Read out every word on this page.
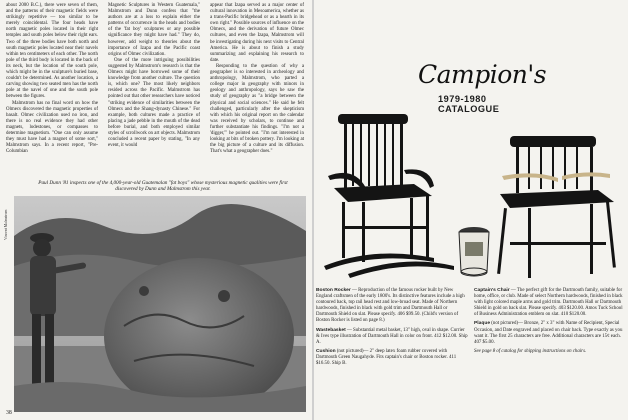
about 2000 B.C.), there were seven of them, and the patterns of their magnetic fields were strikingly repetitive — too similar to be merely coincidental. The four heads have north magnetic poles located in their right temples and south poles below their right ears. Two of the three bodies have both north and south magnetic poles located near their navels within ten centimeters of each other. The north pole of the third body is located in the back of its neck, but the location of the south pole, which might be in the sculpture's buried base, couldn't be determined. As another location, a carving showing two seated men has the north pole at the navel of one and the south pole between the figures.

Malmstrom has no final word on how the Olmecs discovered the magnetic properties of basalt. Olmec civilization used no iron, and there is no real evidence they had other magnets, lodestones, or compasses to determine magnetism. "One can only assume they must have had a magnet of some sort," Malmstrom says. In a recent report, "Pre-Columbian

Magnetic Sculptures in Western Guatemala," Malmstrom and Dunn confess that "the authors are at a loss to explain either the patterns of occurrence in the heads and bodies of the 'fat boy' sculptures or any possible significance they might have had." They do, however, add weight to theories about the importance of Izapa and the Pacific coast origins of Olmec civilization.

One of the more intriguing possibilities suggested by Malmstrom's research is that the Olmecs might have borrowed some of their knowledge from another culture. The question is, which one? The most likely neighbors resided across the Pacific. Malmstrom has pointed out that other researchers have noticed "striking evidence of similarities between the Olmecs and the Shang-dynasty Chinese." For example, both cultures made a practice of placing a jade pebble in the mouth of the dead before burial, and both employed similar styles of scrollwork on art objects. Malmstrom concluded a recent paper by stating, "In any event, it would

appear that Izapa served as a major center of cultural innovation in Mesoamerica, whether as a trans-Pacific bridgehead or as a hearth in its own right." Possible sources of influence on the Olmecs, and the derivation of future Olmec cultures, and even the Izapa, Malmstrom will be investigating during his next visits to Central America. He is about to finish a study summarizing and explaining his research to date.

Responding to the question of why a geographer is so interested in archeology and anthropology, Malmstrom, who parted a college major in geography with minors in geology and anthropology, says he saw the study of geography as "a bridge between the physical and social sciences." He said he felt challenged, particularly after the skepticism with which his original report on the calendar was received by scholars, to continue and further substantiate his findings. "I'm not a 'digger,'" he pointed out. "I'm not interested in looking at bits of broken pottery. I'm looking at the big picture of a culture and its diffusion. That's what a geographer does."

Paul Dunn '81 inspects one of the 4,000-year-old Guatemalan "fat boys" whose mysterious magnetic qualities were first discovered by Dunn and Malmstrom this year.
Vincent Malmstrom
38
Campion's
1979-1980
CATALOGUE

Boston Rocker — Reproduction of the famous rocker built by New England craftsmen of the early 1800's. Its distinctive features include a high contoured back, top rail head rest and low-broad seat. Made of Northern hardwoods, finished in black with gold trim and Dartmouth Hall or Dartmouth Shield on slat. Please specify. 406 $99.50. (Child's version of Boston Rocker is listed on page 8.)

Wastebasket — Substantial metal basket, 13" high, oval in shape. Currier & Ives type illustration of Dartmouth Hall in color on front. 412 $12.00. Ship A.

Cushion (not pictured)— 2" deep latex foam rubber covered with Dartmouth Green Naugahyde. Fits captain's chair or Boston rocker. 411 $16.50. Ship B.

Captain's Chair — The perfect gift for the Dartmouth family, suitable for home, office, or club. Made of select Northern hardwoods, finished in black with light colored maple arms and gold trim. Dartmouth Hall or Dartmouth Shield in gold on back slat. Please specify. 403 $120.00. Amos Tuck School of Business Administration emblem on slat. 410 $120.00.

Plaque (not pictured)— Bronze, 2" x 3" with Name of Recipient, Special Occasion, and Date engraved and placed on chair back. Type exactly as you want it. The first 25 characters are free. Additional characters are 15¢ each. 407 $5.00.

See page 8 of catalog for shipping instructions on chairs.
